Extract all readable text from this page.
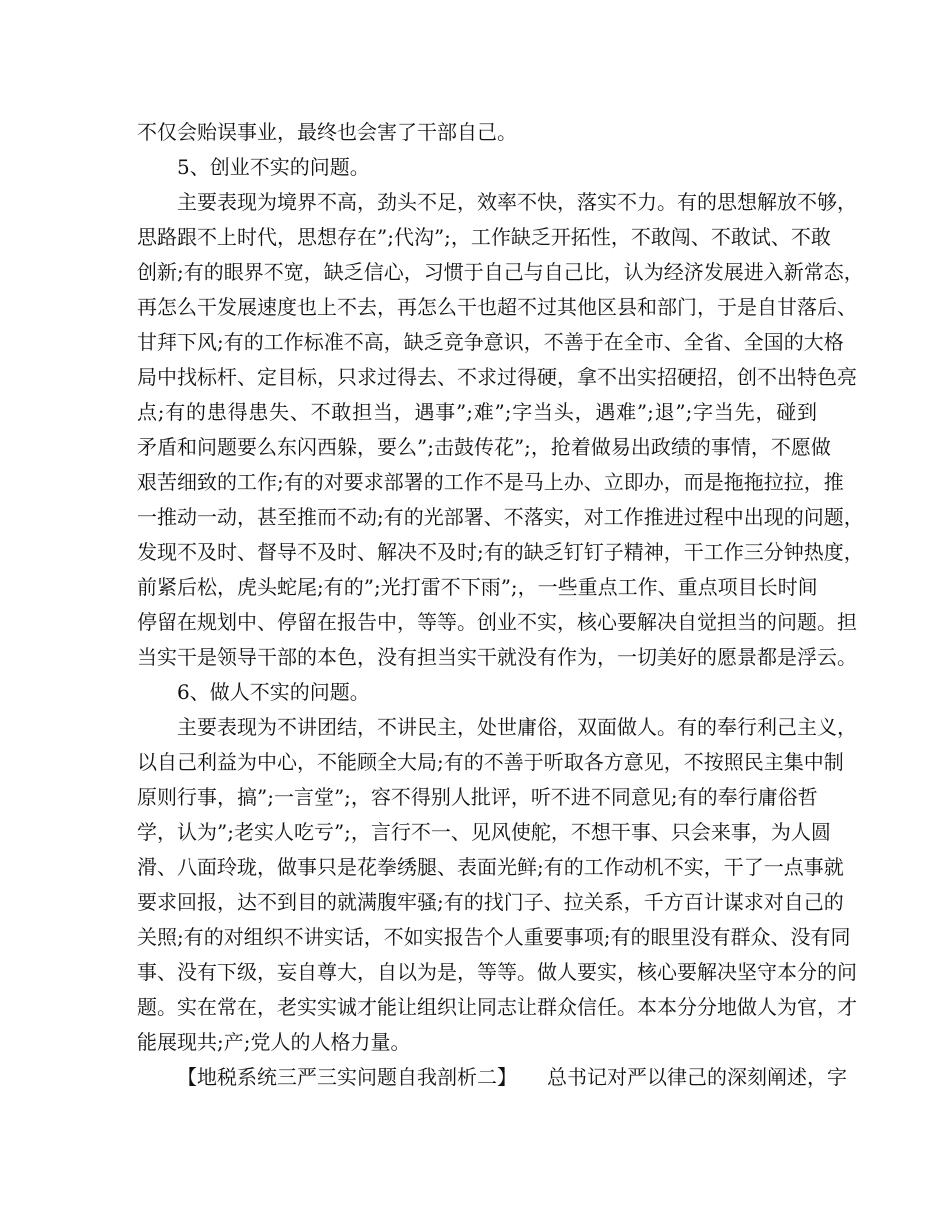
不仅会贻误事业，最终也会害了干部自己。
5、创业不实的问题。
主要表现为境界不高，劲头不足，效率不快，落实不力。有的思想解放不够，
思路跟不上时代，思想存在”;代沟”;，工作缺乏开拓性，不敢闯、不敢试、不敢
创新;有的眼界不宽，缺乏信心，习惯于自己与自己比，认为经济发展进入新常态，
再怎么干发展速度也上不去，再怎么干也超不过其他区县和部门，于是自甘落后、
甘拜下风;有的工作标准不高，缺乏竞争意识，不善于在全市、全省、全国的大格
局中找标杆、定目标，只求过得去、不求过得硬，拿不出实招硬招，创不出特色亮
点;有的患得患失、不敢担当，遇事”;难”;字当头，遇难”;退”;字当先，碰到
矛盾和问题要么东闪西躲，要么”;击鼓传花”;，抢着做易出政绩的事情，不愿做
艰苦细致的工作;有的对要求部署的工作不是马上办、立即办，而是拖拖拉拉，推
一推动一动，甚至推而不动;有的光部署、不落实，对工作推进过程中出现的问题，
发现不及时、督导不及时、解决不及时;有的缺乏钉钉子精神，干工作三分钟热度，
前紧后松，虎头蛇尾;有的”;光打雷不下雨”;，一些重点工作、重点项目长时间
停留在规划中、停留在报告中，等等。创业不实，核心要解决自觉担当的问题。担
当实干是领导干部的本色，没有担当实干就没有作为，一切美好的愿景都是浮云。
6、做人不实的问题。
主要表现为不讲团结，不讲民主，处世庸俗，双面做人。有的奉行利己主义，
以自己利益为中心，不能顾全大局;有的不善于听取各方意见，不按照民主集中制
原则行事，搞”;一言堂”;，容不得别人批评，听不进不同意见;有的奉行庸俗哲
学，认为”;老实人吃亏”;，言行不一、见风使舵，不想干事、只会来事，为人圆
滑、八面玲珑，做事只是花拳绣腿、表面光鲜;有的工作动机不实，干了一点事就
要求回报，达不到目的就满腹牢骚;有的找门子、拉关系，千方百计谋求对自己的
关照;有的对组织不讲实话，不如实报告个人重要事项;有的眼里没有群众、没有同
事、没有下级，妄自尊大，自以为是，等等。做人要实，核心要解决坚守本分的问
题。实在常在，老实实诚才能让组织让同志让群众信任。本本分分地做人为官，才
能展现共;产;党人的人格力量。
【地税系统三严三实问题自我剖析二】　　总书记对严以律己的深刻阐述，字
